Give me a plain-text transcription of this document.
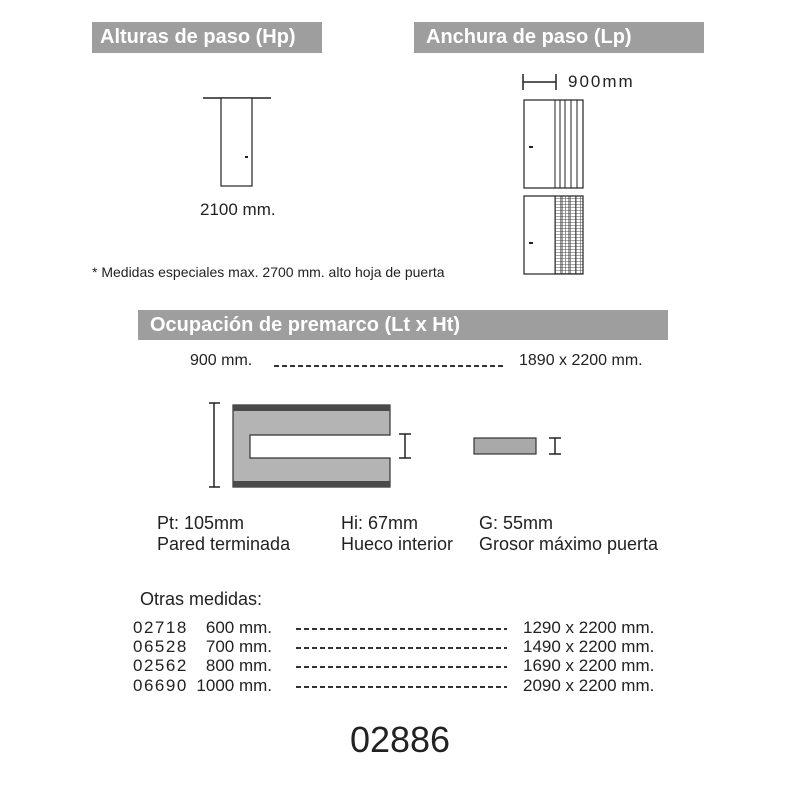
Alturas de paso (Hp)	Anchura de paso (Lp)
Ocupación de premarco (Lt x Ht)
2100 mm.
* Medidas especiales max. 2700 mm. alto hoja de puerta
900mm
900 mm.	1890 x 2200 mm.
Pt: 105mm
Pared terminada
Hi: 67mm
Hueco interior
G: 55mm
Grosor máximo puerta
Otras medidas:
02718	600 mm.	1290 x 2200 mm.
06528	700 mm.	1490 x 2200 mm.
02562	800 mm.	1690 x 2200 mm.
06690 1000 mm.	2090 x 2200 mm.
02886
